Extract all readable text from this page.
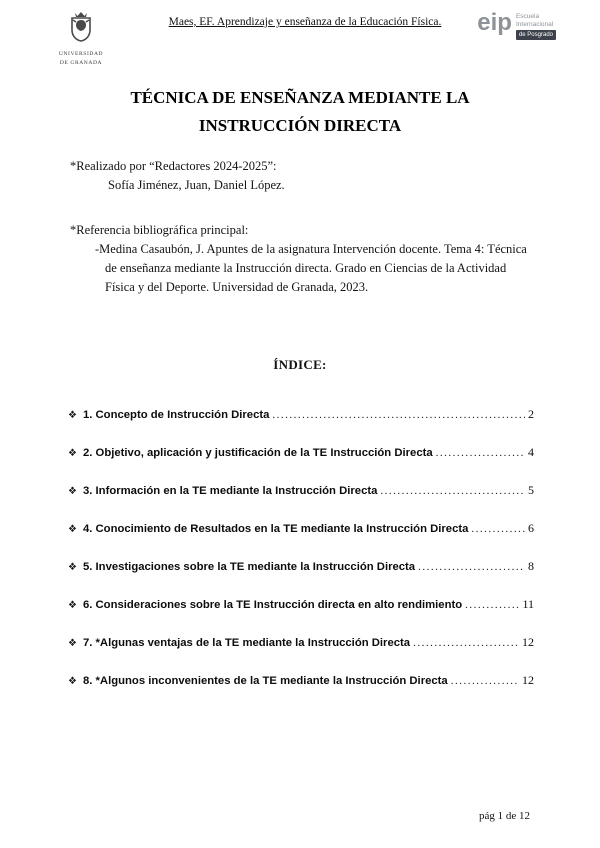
UNIVERSIDAD
DE GRANADA
Maes, EF. Aprendizaje y enseñanza de la Educación Física.	eip Escuela
Internacional
de Posgrado
TÉCNICA DE ENSEÑANZA MEDIANTE LA
INSTRUCCIÓN DIRECTA
*Realizado por “Redactores 2024-2025”:
Sofía Jiménez, Juan, Daniel López.
*Referencia bibliográfica principal:
-Medina Casaubón, J. Apuntes de la asignatura Intervención docente. Tema 4: Técnica de enseñanza mediante la Instrucción directa. Grado en Ciencias de la Actividad Física y del Deporte. Universidad de Granada, 2023.
ÍNDICE:
❖ 1. Concepto de Instrucción Directa .....	2
❖ 2. Objetivo, aplicación y justificación de la TE Instrucción Directa .....	4
❖ 3. Información en la TE mediante la Instrucción Directa .....	5
❖ 4. Conocimiento de Resultados en la TE mediante la Instrucción Directa .....	6
❖ 5. Investigaciones sobre la TE mediante la Instrucción Directa .....	8
❖ 6. Consideraciones sobre la TE Instrucción directa en alto rendimiento .....	11
❖ 7. *Algunas ventajas de la TE mediante la Instrucción Directa .....	12
❖ 8. *Algunos inconvenientes de la TE mediante la Instrucción Directa .....	12
pág 1 de 12
